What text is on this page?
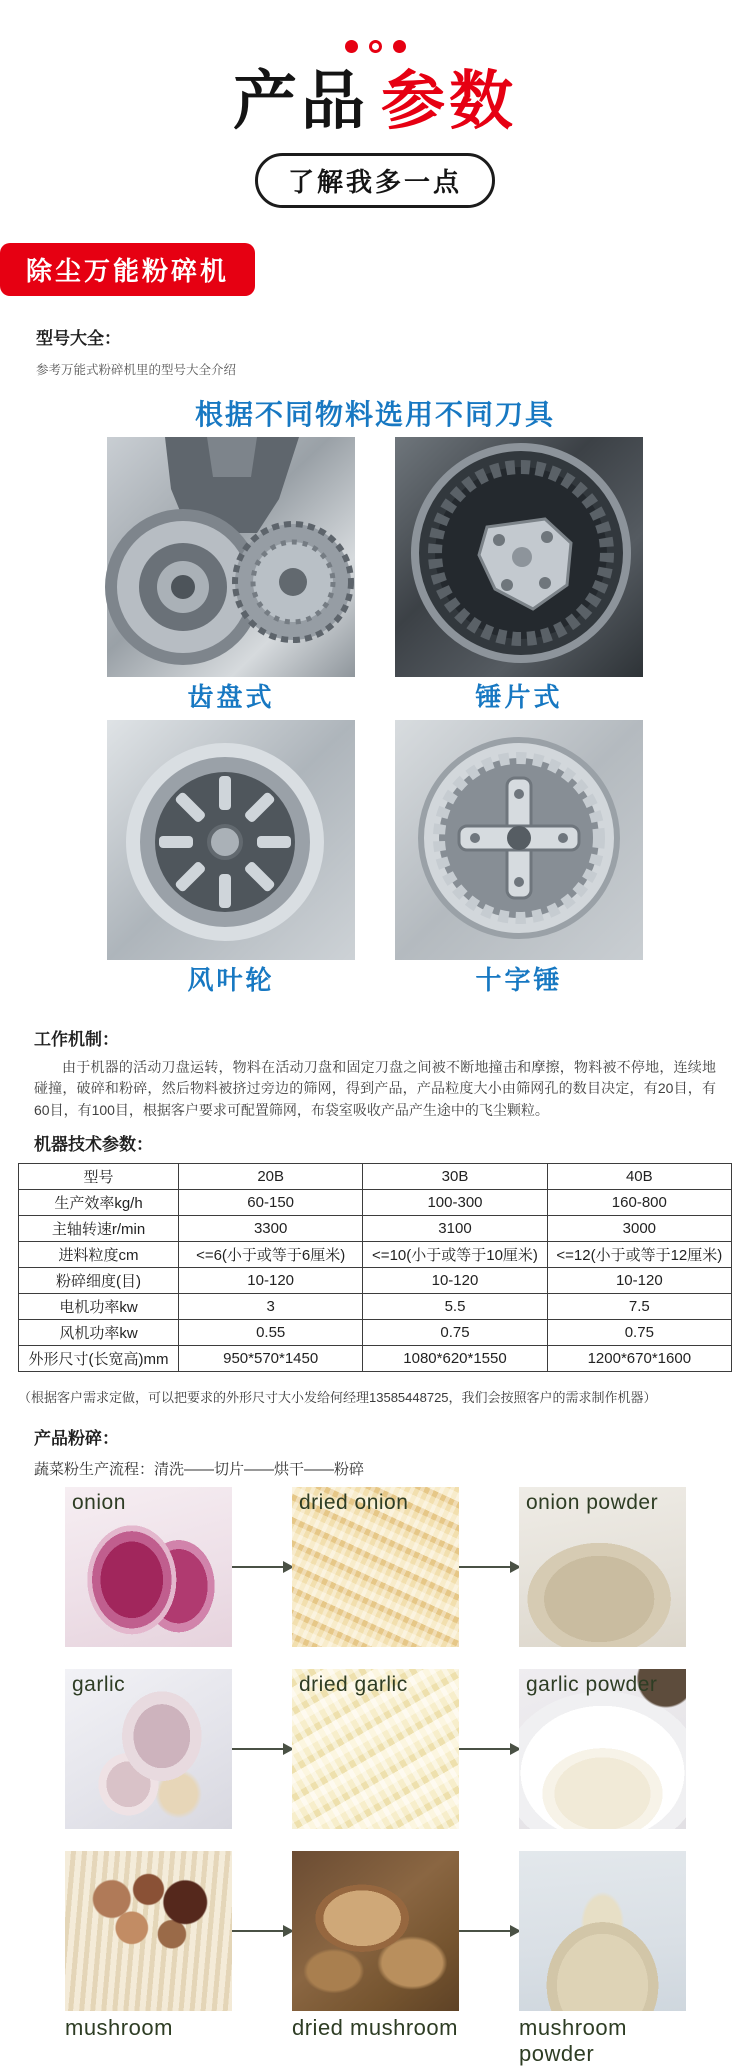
产品 参数
了解我多一点
除尘万能粉碎机
型号大全：
参考万能式粉碎机里的型号大全介绍
根据不同物料选用不同刀具
齿盘式	锤片式
风叶轮	十字锤
工作机制：

由于机器的活动刀盘运转，物料在活动刀盘和固定刀盘之间被不断地撞击和摩擦，物料被不停地，连续地碰撞，破碎和粉碎，然后物料被挤过旁边的筛网，得到产品，产品粒度大小由筛网孔的数目决定，有20目，有60目，有100目，根据客户要求可配置筛网，布袋室吸收产品产生途中的飞尘颗粒。

机器技术参数：
型号	20B	30B	40B
生产效率kg/h	60-150	100-300	160-800
主轴转速r/min	3300	3100	3000
进料粒度cm	<=6(小于或等于6厘米)	<=10(小于或等于10厘米)	<=12(小于或等于12厘米)
粉碎细度(目)	10-120	10-120	10-120
电机功率kw	3	5.5	7.5
风机功率kw	0.55	0.75	0.75
外形尺寸(长宽高)mm	950*570*1450	1080*620*1550	1200*670*1600
（根据客户需求定做，可以把要求的外形尺寸大小发给何经理13585448725，我们会按照客户的需求制作机器）
产品粉碎：
蔬菜粉生产流程：清洗——切片——烘干——粉碎
onion	dried onion	onion powder
garlic	dried garlic	garlic powder
mushroom	dried mushroom	mushroom powder
